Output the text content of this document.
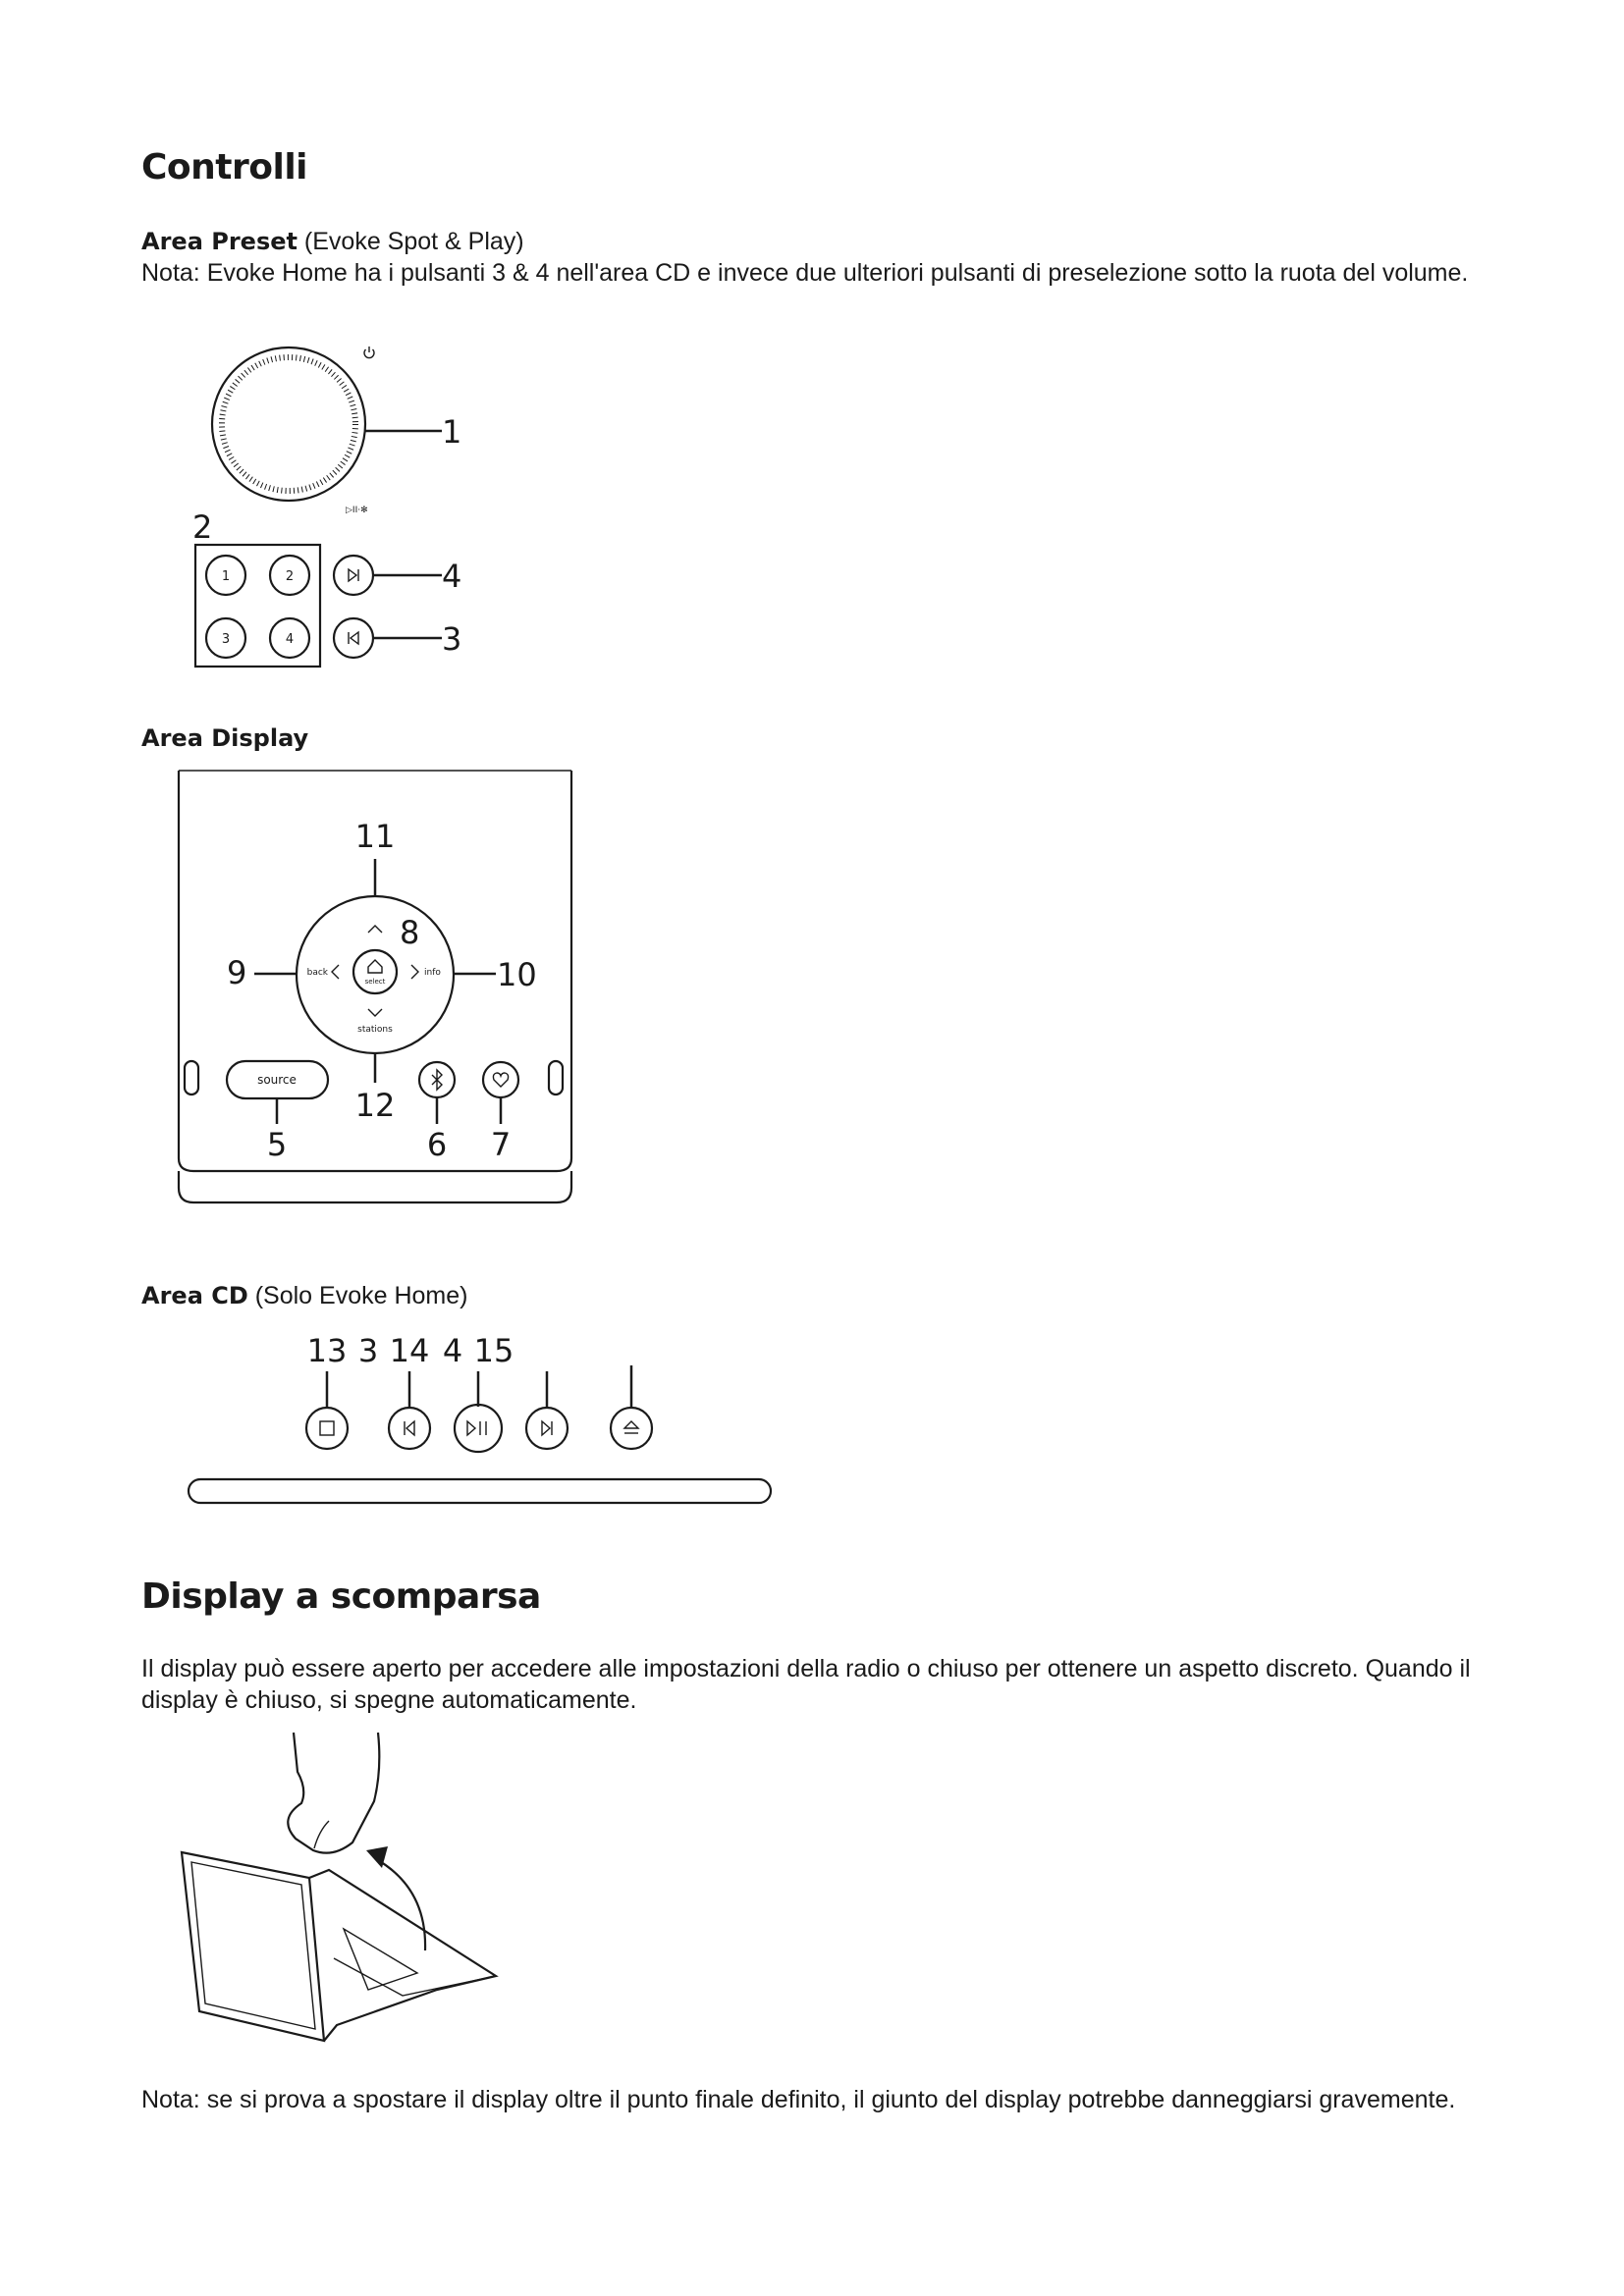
Controlli

Area Preset (Evoke Spot & Play)

Nota: Evoke Home ha i pulsanti 3 & 4 nell'area CD e invece due ulteriori pulsanti di preselezione sotto la ruota del volume.

▷II·✻
1
2
1	2
3	4
4
3

Area Display

select
back	info
stations
11
8
9	10
source
12
5	6 7

Area CD (Solo Evoke Home)

13 3 14 4 15
Display a scomparsa

Il display può essere aperto per accedere alle impostazioni della radio o chiuso per ottenere un aspetto discreto. Quando il display è chiuso, si spegne automaticamente.

Nota: se si prova a spostare il display oltre il punto finale definito, il giunto del display potrebbe danneggiarsi gravemente.
